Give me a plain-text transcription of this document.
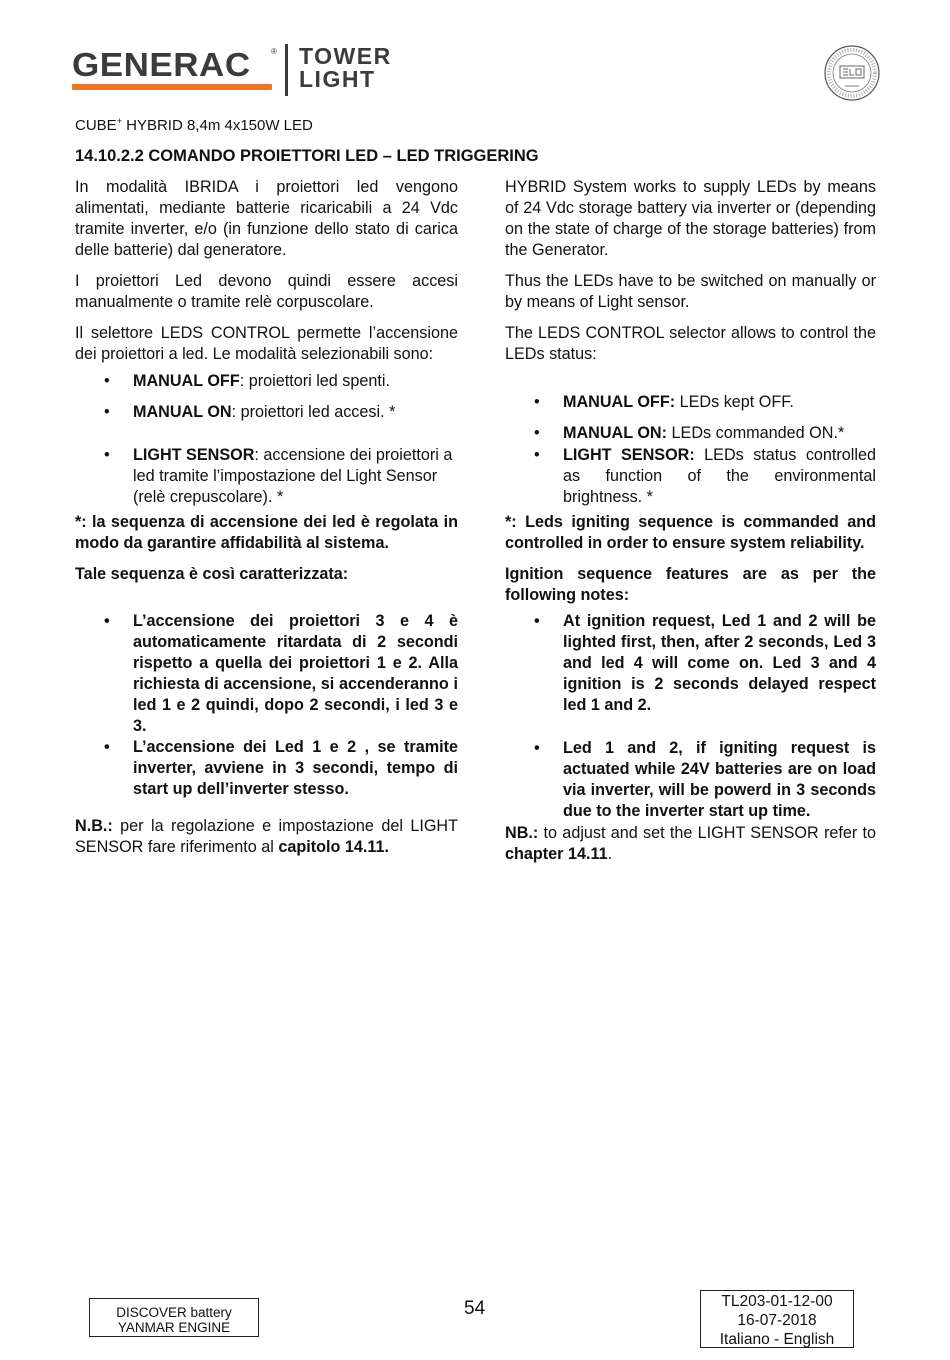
GENERAC	® TOWER
LIGHT
CUBE+ HYBRID 8,4m 4x150W LED
14.10.2.2 COMANDO PROIETTORI LED – LED TRIGGERING

In modalità IBRIDA i proiettori led vengono alimentati, mediante batterie ricaricabili a 24 Vdc tramite inverter, e/o (in funzione dello stato di carica delle batterie) dal generatore.

I proiettori Led devono quindi essere accesi manualmente o tramite relè corpuscolare.

Il selettore LEDS CONTROL permette l’accensione dei proiettori a led. Le modalità selezionabili sono:

• MANUAL OFF: proiettori led spenti.
• MANUAL ON: proiettori led accesi. *
• LIGHT SENSOR: accensione dei proiettori a led tramite l’impostazione del Light Sensor (relè crepuscolare). *

*: la sequenza di accensione dei led è regolata in modo da garantire affidabilità al sistema.

Tale sequenza è così caratterizzata:

• L’accensione dei proiettori 3 e 4 è automaticamente ritardata di 2 secondi rispetto a quella dei proiettori 1 e 2. Alla richiesta di accensione, si accenderanno i led 1 e 2 quindi, dopo 2 secondi, i led 3 e 3.
• L’accensione dei Led 1 e 2 , se tramite inverter, avviene in 3 secondi, tempo di start up dell’inverter stesso.

N.B.: per la regolazione e impostazione del LIGHT SENSOR fare riferimento al capitolo 14.11.

HYBRID System works to supply LEDs by means of 24 Vdc storage battery via inverter or (depending on the state of charge of the storage batteries) from the Generator.

Thus the LEDs have to be switched on manually or by means of Light sensor.

The LEDS CONTROL selector allows to control the LEDs status:

• MANUAL OFF: LEDs kept OFF.
• MANUAL ON: LEDs commanded ON.*
• LIGHT SENSOR: LEDs status controlled as function of the environmental brightness. *

*: Leds igniting sequence is commanded and controlled in order to ensure system reliability.

Ignition sequence features are as per the following notes:

• At ignition request, Led 1 and 2 will be lighted first, then, after 2 seconds, Led 3 and led 4 will come on. Led 3 and 4 ignition is 2 seconds delayed respect led 1 and 2.
• Led 1 and 2, if igniting request is actuated while 24V batteries are on load via inverter, will be powerd in 3 seconds due to the inverter start up time.

NB.: to adjust and set the LIGHT SENSOR refer to chapter 14.11.

DISCOVER battery
YANMAR ENGINE
54	TL203-01-12-00
16-07-2018
Italiano - English
